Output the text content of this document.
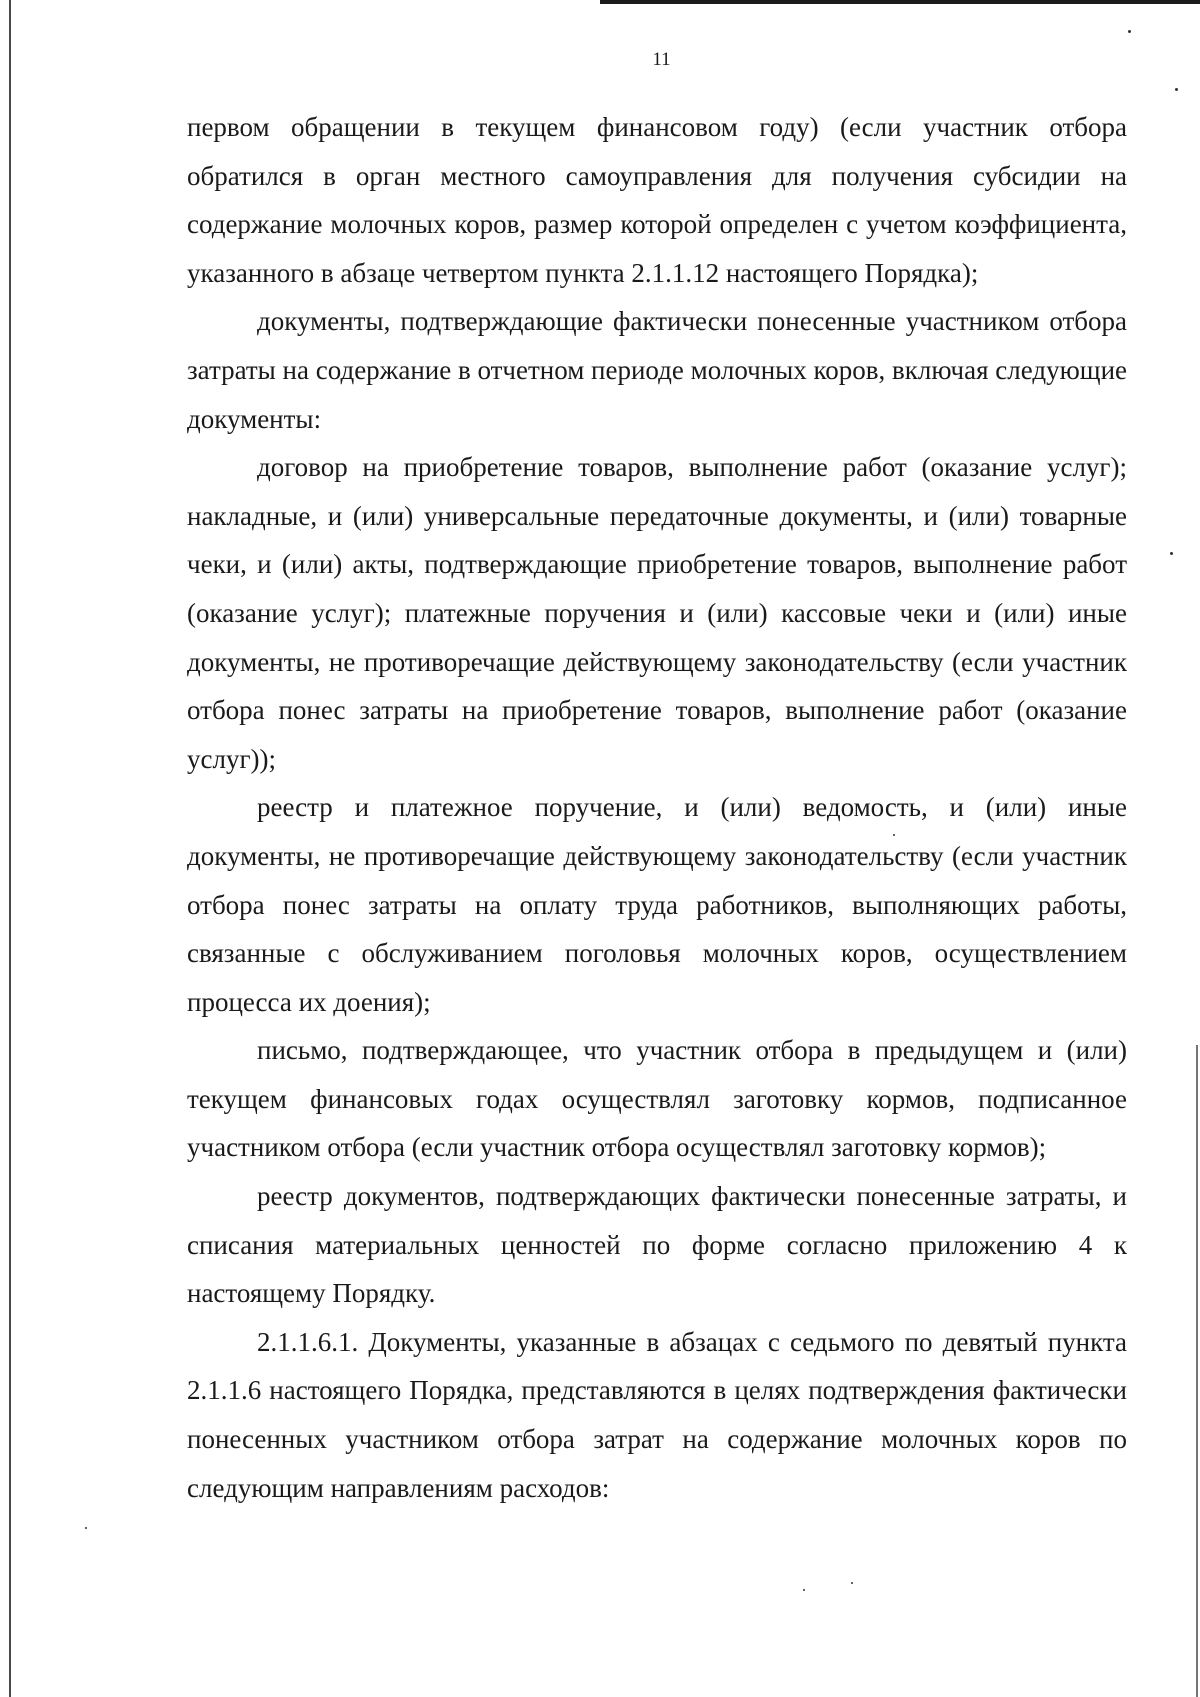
11

первом обращении в текущем финансовом году) (если участник отбора обратился в орган местного самоуправления для получения субсидии на содержание молочных коров, размер которой определен с учетом коэффициента, указанного в абзаце четвертом пункта 2.1.1.12 настоящего Порядка);

документы, подтверждающие фактически понесенные участником отбора затраты на содержание в отчетном периоде молочных коров, включая следующие документы:

договор на приобретение товаров, выполнение работ (оказание услуг); накладные, и (или) универсальные передаточные документы, и (или) товарные чеки, и (или) акты, подтверждающие приобретение товаров, выполнение работ (оказание услуг); платежные поручения и (или) кассовые чеки и (или) иные документы, не противоречащие действующему законодательству (если участник отбора понес затраты на приобретение товаров, выполнение работ (оказание услуг));

реестр и платежное поручение, и (или) ведомость, и (или) иные документы, не противоречащие действующему законодательству (если участник отбора понес затраты на оплату труда работников, выполняющих работы, связанные с обслуживанием поголовья молочных коров, осуществлением процесса их доения);

письмо, подтверждающее, что участник отбора в предыдущем и (или) текущем финансовых годах осуществлял заготовку кормов, подписанное участником отбора (если участник отбора осуществлял заготовку кормов);

реестр документов, подтверждающих фактически понесенные затраты, и списания материальных ценностей по форме согласно приложению 4 к настоящему Порядку.

2.1.1.6.1. Документы, указанные в абзацах с седьмого по девятый пункта 2.1.1.6 настоящего Порядка, представляются в целях подтверждения фактически понесенных участником отбора затрат на содержание молочных коров по следующим направлениям расходов:
